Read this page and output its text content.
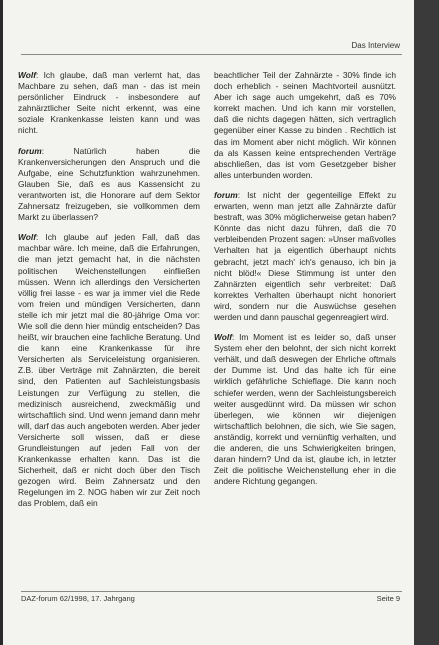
Das Interview

Wolf: Ich glaube, daß man verlernt hat, das Machbare zu sehen, daß man - das ist mein persönlicher Eindruck - insbesondere auf zahnärztlicher Seite nicht erkennt, was eine soziale Krankenkasse leisten kann und was nicht.

forum: Natürlich haben die Krankenversicherungen den Anspruch und die Aufgabe, eine Schutzfunktion wahrzunehmen. Glauben Sie, daß es aus Kassensicht zu verantworten ist, die Honorare auf dem Sektor Zahnersatz freizugeben, sie vollkommen dem Markt zu überlassen?

Wolf: Ich glaube auf jeden Fall, daß das machbar wäre. Ich meine, daß die Erfahrungen, die man jetzt gemacht hat, in die nächsten politischen Weichenstellungen einfließen müssen. Wenn ich allerdings den Versicherten völlig frei lasse - es war ja immer viel die Rede vom freien und mündigen Versicherten, dann stelle ich mir jetzt mal die 80-jährige Oma vor: Wie soll die denn hier mündig entscheiden? Das heißt, wir brauchen eine fachliche Beratung. Und die kann eine Krankenkasse für ihre Versicherten als Serviceleistung organisieren. Z.B. über Verträge mit Zahnärzten, die bereit sind, den Patienten auf Sachleistungsbasis Leistungen zur Verfügung zu stellen, die medizinisch ausreichend, zweckmäßig und wirtschaftlich sind. Und wenn jemand dann mehr will, darf das auch angeboten werden. Aber jeder Versicherte soll wissen, daß er diese Grundleistungen auf jeden Fall von der Krankenkasse erhalten kann. Das ist die Sicherheit, daß er nicht doch über den Tisch gezogen wird. Beim Zahnersatz und den Regelungen im 2. NOG haben wir zur Zeit noch das Problem, daß ein

beachtlicher Teil der Zahnärzte - 30% finde ich doch erheblich - seinen Machtvorteil ausnützt. Aber ich sage auch umgekehrt, daß es 70% korrekt machen. Und ich kann mir vorstellen, daß die nichts dagegen hätten, sich vertraglich gegenüber einer Kasse zu binden . Rechtlich ist das im Moment aber nicht möglich. Wir können da als Kassen keine entsprechenden Verträge abschließen, das ist vom Gesetzgeber bisher alles unterbunden worden.

forum: Ist nicht der gegenteilige Effekt zu erwarten, wenn man jetzt alle Zahnärzte dafür bestraft, was 30% möglicherweise getan haben? Könnte das nicht dazu führen, daß die 70 verbleibenden Prozent sagen: »Unser maßvolles Verhalten hat ja eigentlich überhaupt nichts gebracht, jetzt mach' ich's genauso, ich bin ja nicht blöd!« Diese Stimmung ist unter den Zahnärzten eigentlich sehr verbreitet: Daß korrektes Verhalten überhaupt nicht honoriert wird, sondern nur die Auswüchse gesehen werden und dann pauschal gegenreagiert wird.

Wolf: Im Moment ist es leider so, daß unser System eher den belohnt, der sich nicht korrekt verhält, und daß deswegen der Ehrliche oftmals der Dumme ist. Und das halte ich für eine wirklich gefährliche Schieflage. Die kann noch schiefer werden, wenn der Sachleistungsbereich weiter ausgedünnt wird. Da müssen wir schon überlegen, wie können wir diejenigen wirtschaftlich belohnen, die sich, wie Sie sagen, anständig, korrekt und vernünftig verhalten, und die anderen, die uns Schwierigkeiten bringen, daran hindern? Und da ist, glaube ich, in letzter Zeit die politische Weichenstellung eher in die andere Richtung gegangen.

DAZ-forum 62/1998, 17. Jahrgang	Seite 9
